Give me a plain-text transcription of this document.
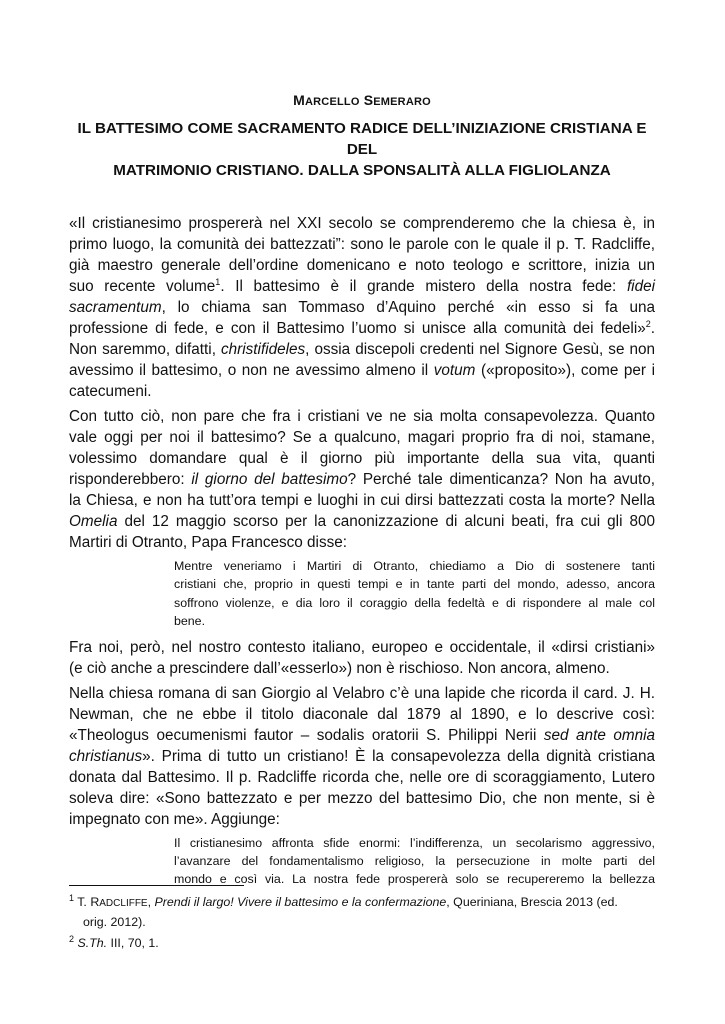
MARCELLO SEMERARO
IL BATTESIMO COME SACRAMENTO RADICE DELL’INIZIAZIONE CRISTIANA E DEL
MATRIMONIO CRISTIANO. DALLA SPONSALITÀ ALLA FIGLIOLANZA
«Il cristianesimo prospererà nel XXI secolo se comprenderemo che la chiesa è, in
primo luogo, la comunità dei battezzati”: sono le parole con le quale il p. T. Radcliffe,
già maestro generale dell’ordine domenicano e noto teologo e scrittore, inizia un
suo recente volume$^1$. Il battesimo è il grande mistero della nostra fede: fidei
sacramentum, lo chiama san Tommaso d’Aquino perché «in esso si fa una
professione di fede, e con il Battesimo l’uomo si unisce alla comunità dei fedeli»$^2$.
Non saremmo, difatti, christifideles, ossia discepoli credenti nel Signore Gesù, se non
avessimo il battesimo, o non ne avessimo almeno il votum («proposito»), come per i
catecumeni.
Con tutto ciò, non pare che fra i cristiani ve ne sia molta consapevolezza. Quanto
vale oggi per noi il battesimo? Se a qualcuno, magari proprio fra di noi, stamane,
volessimo domandare qual è il giorno più importante della sua vita, quanti
risponderebbero: il giorno del battesimo? Perché tale dimenticanza? Non ha avuto,
la Chiesa, e non ha tutt’ora tempi e luoghi in cui dirsi battezzati costa la morte? Nella
Omelia del 12 maggio scorso per la canonizzazione di alcuni beati, fra cui gli 800
Martiri di Otranto, Papa Francesco disse:
Mentre veneriamo i Martiri di Otranto, chiediamo a Dio di sostenere tanti
cristiani che, proprio in questi tempi e in tante parti del mondo, adesso, ancora
soffrono violenze, e dia loro il coraggio della fedeltà e di rispondere al male col
bene.
Fra noi, però, nel nostro contesto italiano, europeo e occidentale, il «dirsi cristiani»
(e ciò anche a prescindere dall’«esserlo») non è rischioso. Non ancora, almeno.
Nella chiesa romana di san Giorgio al Velabro c’è una lapide che ricorda il card. J. H.
Newman, che ne ebbe il titolo diaconale dal 1879 al 1890, e lo descrive così:
«Theologus oecumenismi fautor – sodalis oratorii S. Philippi Nerii sed ante omnia
christianus». Prima di tutto un cristiano! È la consapevolezza della dignità cristiana
donata dal Battesimo. Il p. Radcliffe ricorda che, nelle ore di scoraggiamento, Lutero
soleva dire: «Sono battezzato e per mezzo del battesimo Dio, che non mente, si è
impegnato con me». Aggiunge:
Il cristianesimo affronta sfide enormi: l’indifferenza, un secolarismo aggressivo,
l’avanzare del fondamentalismo religioso, la persecuzione in molte parti del
mondo e così via. La nostra fede prospererà solo se recupereremo la bellezza
$^1$ T. RADCLIFFE, Prendi il largo! Vivere il battesimo e la confermazione, Queriniana, Brescia 2013 (ed.
orig. 2012).
$^2$ S.Th. III, 70, 1.
